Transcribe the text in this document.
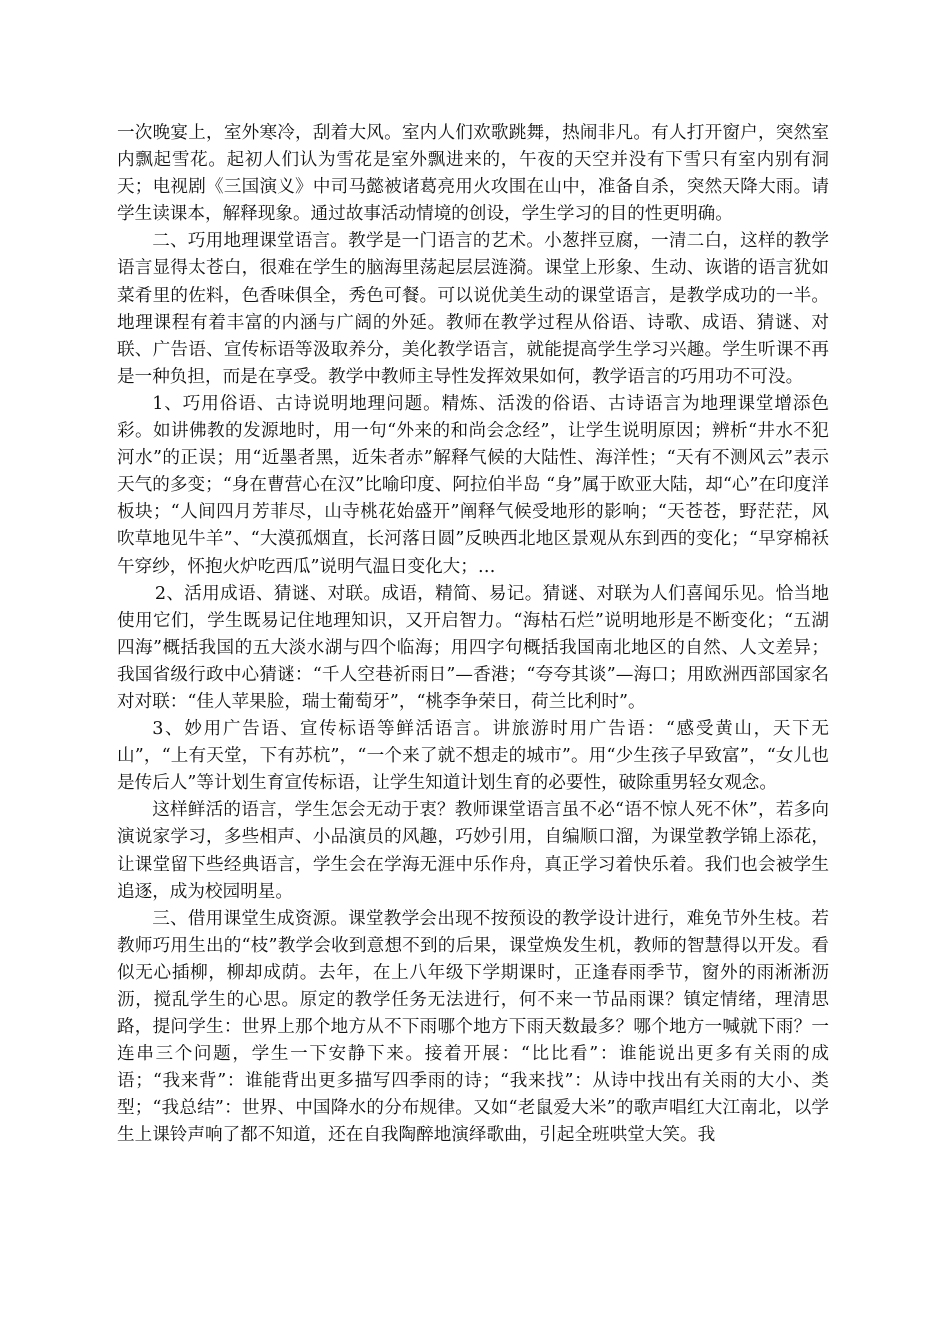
一次晚宴上，室外寒冷，刮着大风。室内人们欢歌跳舞，热闹非凡。有人打开窗户，突然室内飘起雪花。起初人们认为雪花是室外飘进来的，午夜的天空并没有下雪只有室内别有洞天；电视剧《三国演义》中司马懿被诸葛亮用火攻围在山中，准备自杀，突然天降大雨。请学生读课本，解释现象。通过故事活动情境的创设，学生学习的目的性更明确。

二、巧用地理课堂语言。教学是一门语言的艺术。小葱拌豆腐，一清二白，这样的教学语言显得太苍白，很难在学生的脑海里荡起层层涟漪。课堂上形象、生动、诙谐的语言犹如菜肴里的佐料，色香味俱全，秀色可餐。可以说优美生动的课堂语言，是教学成功的一半。地理课程有着丰富的内涵与广阔的外延。教师在教学过程从俗语、诗歌、成语、猜谜、对联、广告语、宣传标语等汲取养分，美化教学语言，就能提高学生学习兴趣。学生听课不再是一种负担，而是在享受。教学中教师主导性发挥效果如何，教学语言的巧用功不可没。

1、巧用俗语、古诗说明地理问题。精炼、活泼的俗语、古诗语言为地理课堂增添色彩。如讲佛教的发源地时，用一句“外来的和尚会念经”，让学生说明原因；辨析“井水不犯河水”的正误；用“近墨者黑，近朱者赤”解释气候的大陆性、海洋性；“天有不测风云”表示天气的多变；“身在曹营心在汉”比喻印度、阿拉伯半岛 “身”属于欧亚大陆，却“心”在印度洋板块；“人间四月芳菲尽，山寺桃花始盛开”阐释气候受地形的影响；“天苍苍，野茫茫，风吹草地见牛羊”、“大漠孤烟直，长河落日圆”反映西北地区景观从东到西的变化；“早穿棉袄午穿纱，怀抱火炉吃西瓜”说明气温日变化大；…

2、活用成语、猜谜、对联。成语，精简、易记。猜谜、对联为人们喜闻乐见。恰当地使用它们，学生既易记住地理知识，又开启智力。“海枯石烂”说明地形是不断变化；“五湖四海”概括我国的五大淡水湖与四个临海；用四字句概括我国南北地区的自然、人文差异；我国省级行政中心猜谜：“千人空巷祈雨日”—香港；“夸夸其谈”—海口；用欧洲西部国家名对对联：“佳人苹果脸，瑞士葡萄牙”，“桃李争荣日，荷兰比利时”。

3、妙用广告语、宣传标语等鲜活语言。讲旅游时用广告语：“感受黄山，天下无山”，“上有天堂，下有苏杭”，“一个来了就不想走的城市”。用“少生孩子早致富”，“女儿也是传后人”等计划生育宣传标语，让学生知道计划生育的必要性，破除重男轻女观念。

这样鲜活的语言，学生怎会无动于衷？教师课堂语言虽不必“语不惊人死不休”，若多向演说家学习，多些相声、小品演员的风趣，巧妙引用，自编顺口溜，为课堂教学锦上添花，让课堂留下些经典语言，学生会在学海无涯中乐作舟，真正学习着快乐着。我们也会被学生追逐，成为校园明星。

三、借用课堂生成资源。课堂教学会出现不按预设的教学设计进行，难免节外生枝。若教师巧用生出的“枝”教学会收到意想不到的后果，课堂焕发生机，教师的智慧得以开发。看似无心插柳，柳却成荫。去年，在上八年级下学期课时，正逢春雨季节，窗外的雨淅淅沥沥，搅乱学生的心思。原定的教学任务无法进行，何不来一节品雨课？镇定情绪，理清思路，提问学生：世界上那个地方从不下雨哪个地方下雨天数最多？哪个地方一喊就下雨？一连串三个问题，学生一下安静下来。接着开展：“比比看”：谁能说出更多有关雨的成语；“我来背”：谁能背出更多描写四季雨的诗；“我来找”：从诗中找出有关雨的大小、类型；“我总结”：世界、中国降水的分布规律。又如“老鼠爱大米”的歌声唱红大江南北，以学生上课铃声响了都不知道，还在自我陶醉地演绎歌曲，引起全班哄堂大笑。我
